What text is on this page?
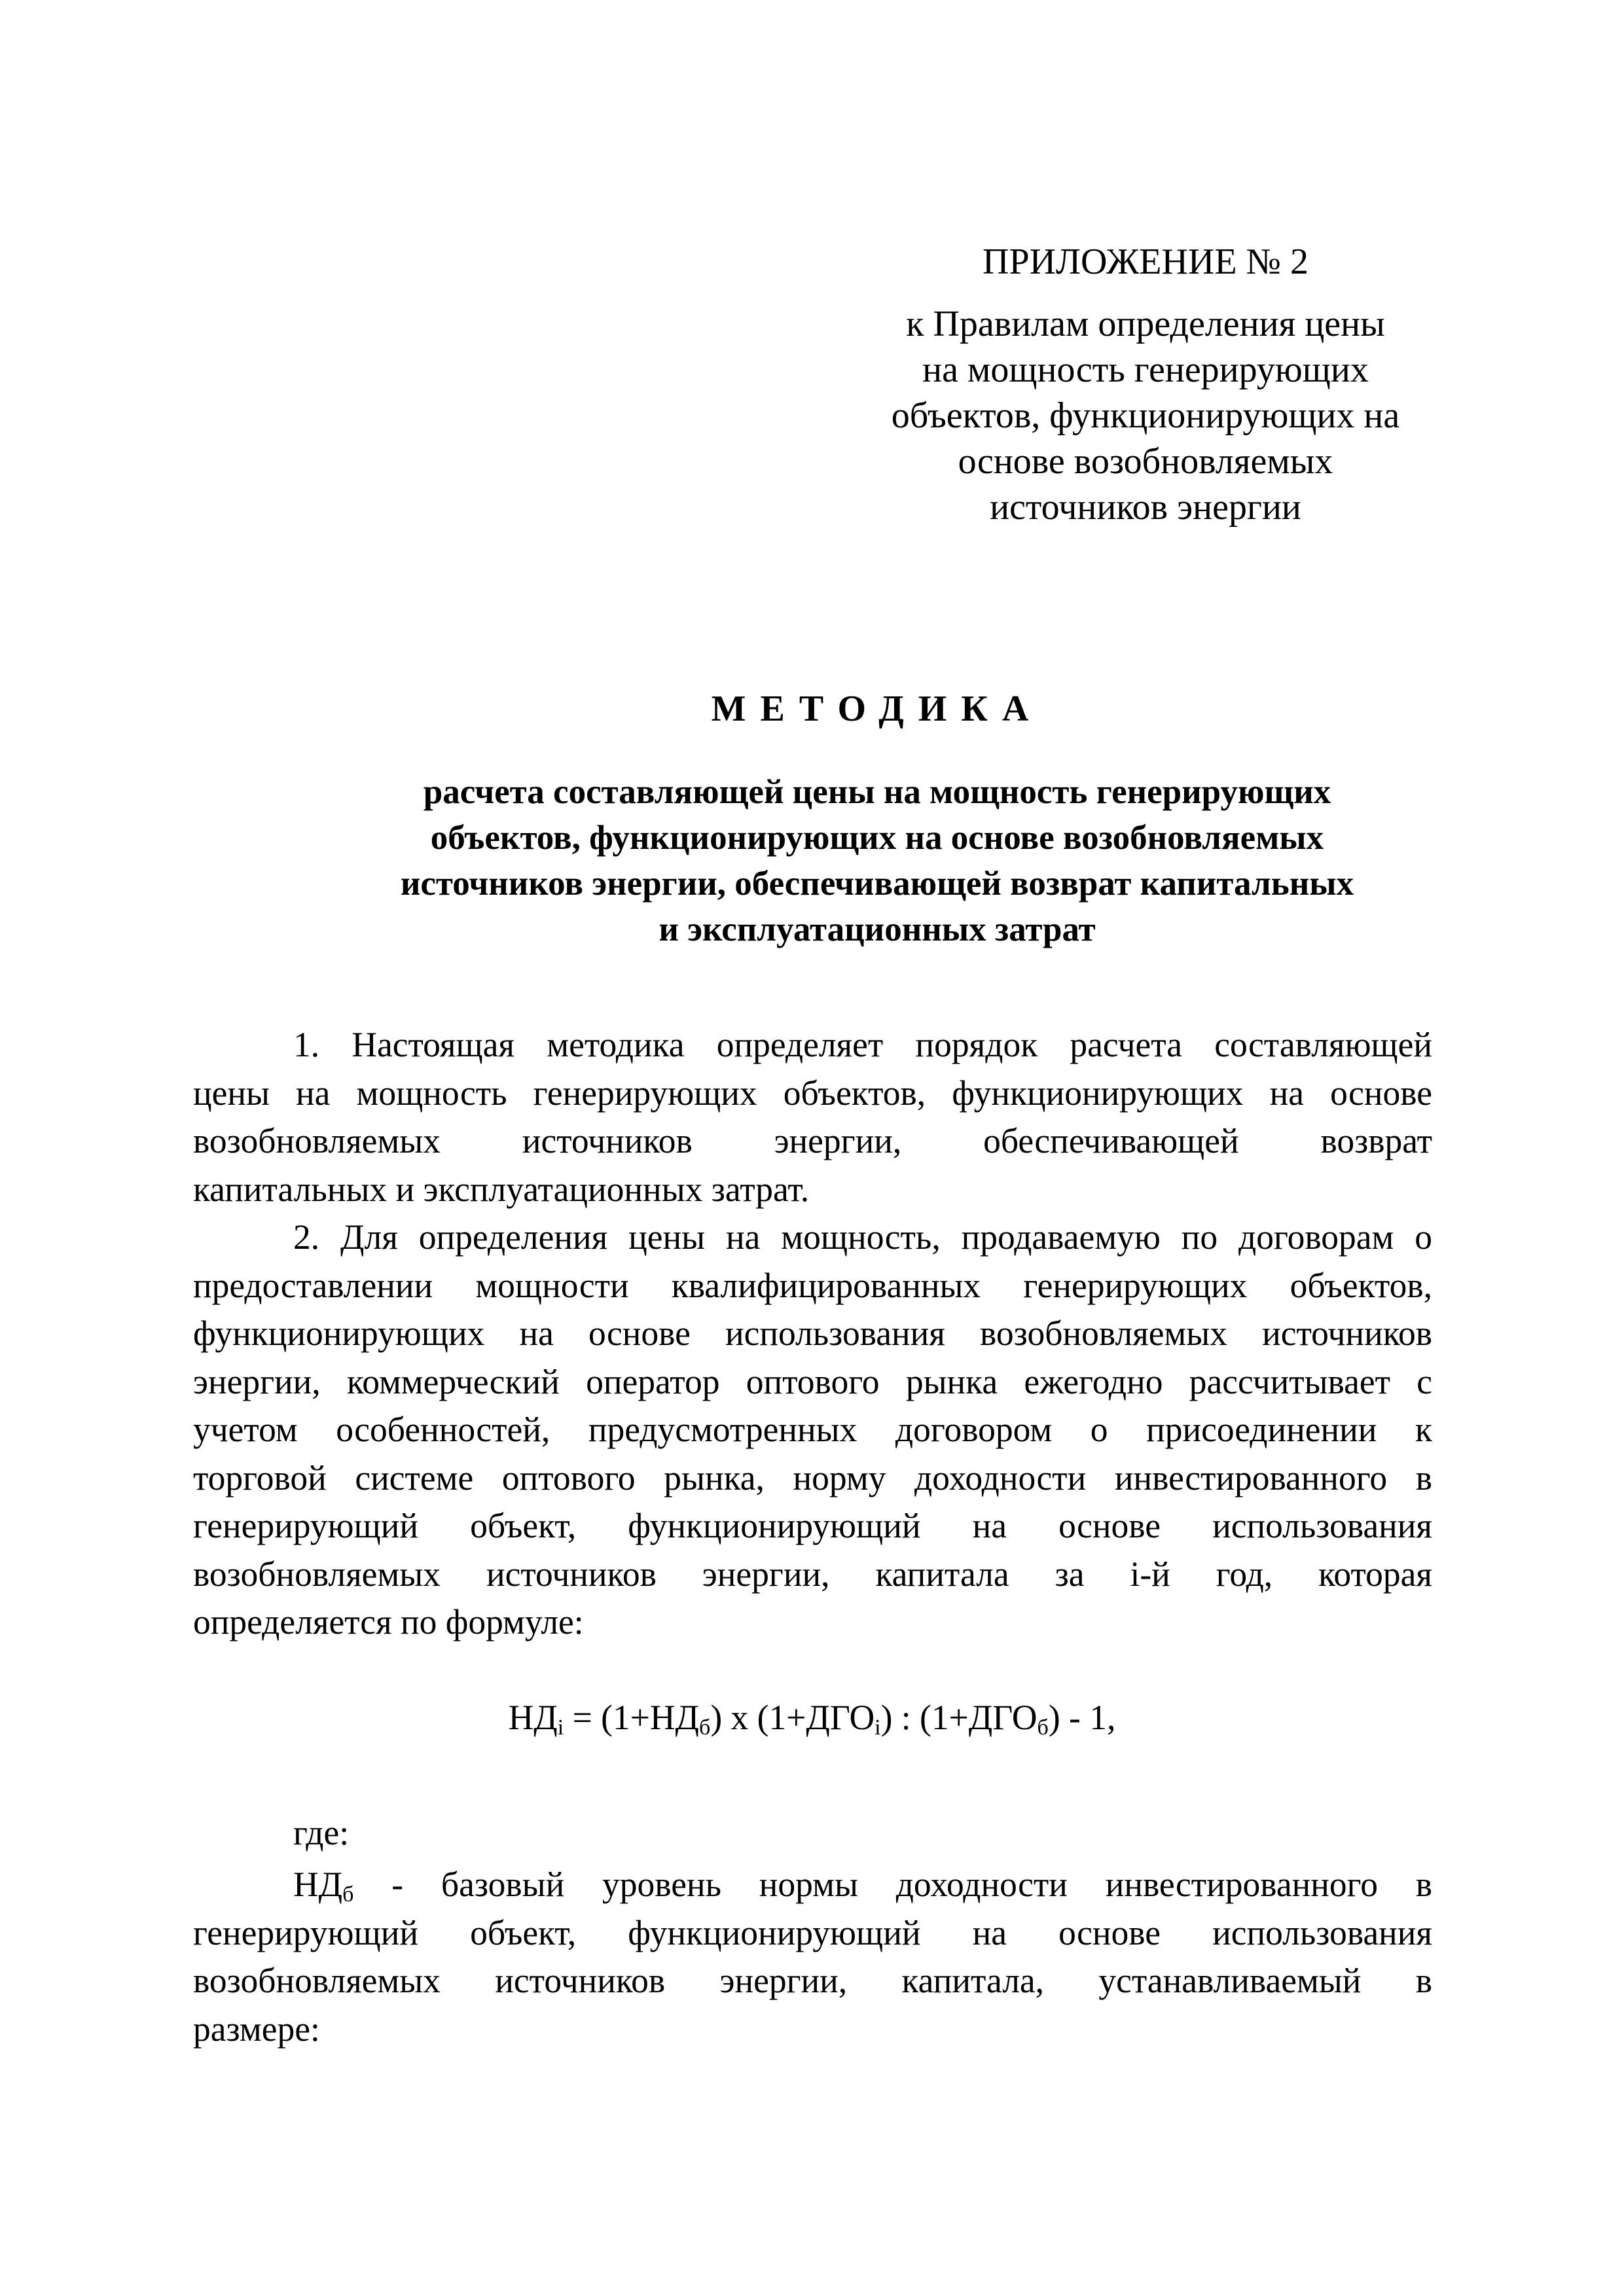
ПРИЛОЖЕНИЕ № 2
к Правилам определения цены
на мощность генерирующих
объектов, функционирующих на
основе возобновляемых
источников энергии
МЕТОДИКА
расчета составляющей цены на мощность генерирующих
объектов, функционирующих на основе возобновляемых
источников энергии, обеспечивающей возврат капитальных
и эксплуатационных затрат
1. Настоящая методика определяет порядок расчета составляющей
цены на мощность генерирующих объектов, функционирующих на основе
возобновляемых источников энергии, обеспечивающей возврат
капитальных и эксплуатационных затрат.
2. Для определения цены на мощность, продаваемую по договорам о
предоставлении мощности квалифицированных генерирующих объектов,
функционирующих на основе использования возобновляемых источников
энергии, коммерческий оператор оптового рынка ежегодно рассчитывает с
учетом особенностей, предусмотренных договором о присоединении к
торговой системе оптового рынка, норму доходности инвестированного в
генерирующий объект, функционирующий на основе использования
возобновляемых источников энергии, капитала за i-й год, которая
определяется по формуле:
$НД_i = (1+НД_б)$ х $(1+ДГО_i)$ : $(1+ДГО_б) - 1$,
где:
$НД_б$ - базовый уровень нормы доходности инвестированного в
генерирующий объект, функционирующий на основе использования
возобновляемых источников энергии, капитала, устанавливаемый в
размере:
